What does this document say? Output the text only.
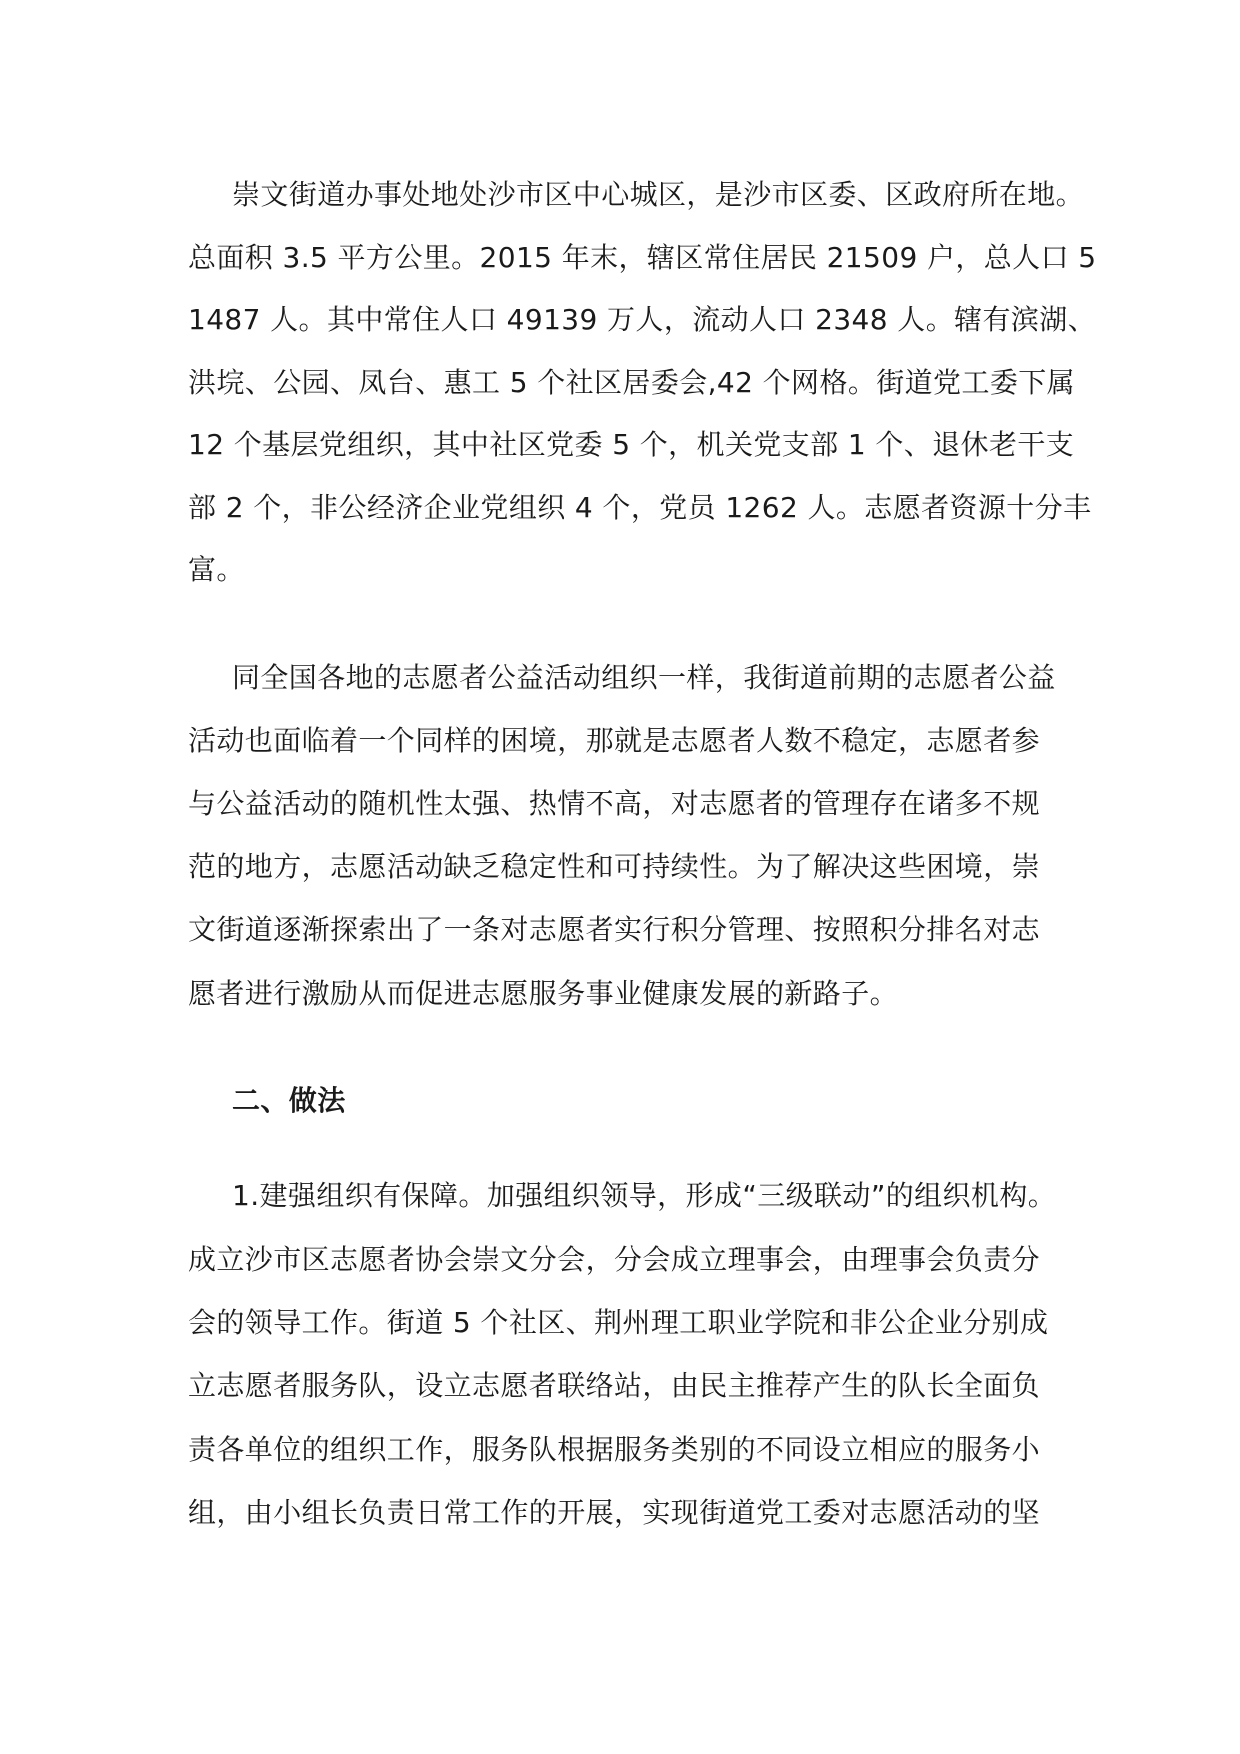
崇文街道办事处地处沙市区中心城区，是沙市区委、区政府所在地。
总面积 3.5 平方公里。2015 年末，辖区常住居民 21509 户，总人口 5
1487 人。其中常住人口 49139 万人，流动人口 2348 人。辖有滨湖、
洪垸、公园、凤台、惠工 5 个社区居委会,42 个网格。街道党工委下属
12 个基层党组织，其中社区党委 5 个，机关党支部 1 个、退休老干支
部 2 个，非公经济企业党组织 4 个，党员 1262 人。志愿者资源十分丰
富。
同全国各地的志愿者公益活动组织一样，我街道前期的志愿者公益
活动也面临着一个同样的困境，那就是志愿者人数不稳定，志愿者参
与公益活动的随机性太强、热情不高，对志愿者的管理存在诸多不规
范的地方，志愿活动缺乏稳定性和可持续性。为了解决这些困境，崇
文街道逐渐探索出了一条对志愿者实行积分管理、按照积分排名对志
愿者进行激励从而促进志愿服务事业健康发展的新路子。
二、做法
1.建强组织有保障。加强组织领导，形成“三级联动”的组织机构。
成立沙市区志愿者协会崇文分会，分会成立理事会，由理事会负责分
会的领导工作。街道 5 个社区、荆州理工职业学院和非公企业分别成
立志愿者服务队，设立志愿者联络站，由民主推荐产生的队长全面负
责各单位的组织工作，服务队根据服务类别的不同设立相应的服务小
组，由小组长负责日常工作的开展，实现街道党工委对志愿活动的坚
